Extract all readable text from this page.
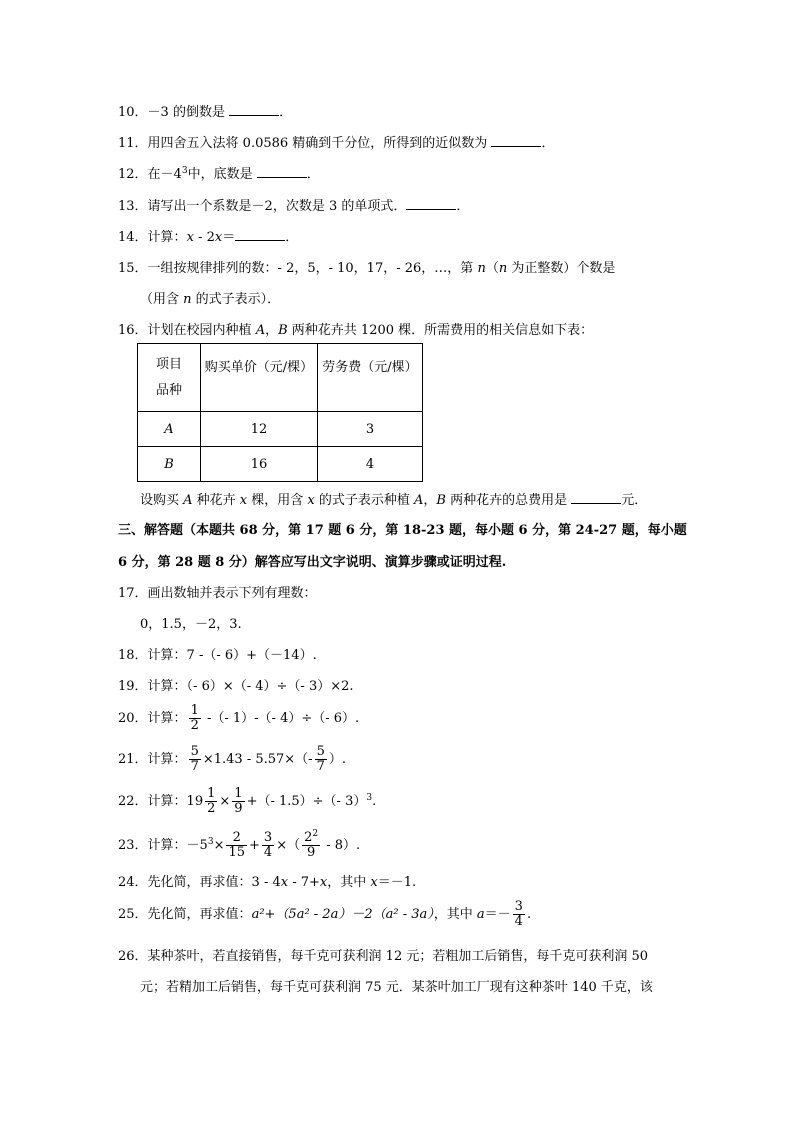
10．－3 的倒数是	．
11．用四舍五入法将 0.0586 精确到千分位，所得到的近似数为	．
12．在$-4^3$中，底数是	．
13．请写出一个系数是－2，次数是 3 的单项式．	．
14．计算：x - 2x＝	．
15．一组按规律排列的数：- 2，5，- 10，17，- 26，…，第 n（n 为正整数）个数是
（用含 n 的式子表示）．
16．计划在校园内种植 A，B 两种花卉共 1200 棵．所需费用的相关信息如下表：
项目
品种	购买单价（元/棵）	劳务费（元/棵）
A	12	3
B	16	4
设购买 A 种花卉 x 棵，用含 x 的式子表示种植 A，B 两种花卉的总费用是	元．
三、解答题（本题共 68 分，第 17 题 6 分，第 18-23 题，每小题 6 分，第 24-27 题，每小题
6 分，第 28 题 8 分）解答应写出文字说明、演算步骤或证明过程.
17．画出数轴并表示下列有理数：
0，1.5，－2，3.
18．计算：7 -（- 6）+（－14）.
19．计算：（- 6）×（- 4）÷（- 3）×2.
20．计算： $\frac{1}{2}$ -（- 1）-（- 4）÷（- 6）.
21．计算： $\frac{5}{7} \times 1.43 - 5.57\times(- \frac{5}{7}$ ）.
22．计算：$19 \frac{1}{2} \times \frac{1}{9}$ +（- 1.5）÷（- 3）$^3$.
23．计算：$-5^3\times \frac{2}{15} + \frac{3}{4}$ ×（ $\frac{2^2}{9} - 8$）.
24．先化简，再求值：3 - 4x - 7+x，其中 x＝－1.
25．先化简，再求值：a²+（5a² - 2a）－2（a² - 3a），其中 $a=- \frac{3}{4}$ .
26．某种茶叶，若直接销售，每千克可获利润 12 元；若粗加工后销售，每千克可获利润 50
元；若精加工后销售，每千克可获利润 75 元．某茶叶加工厂现有这种茶叶 140 千克，该
